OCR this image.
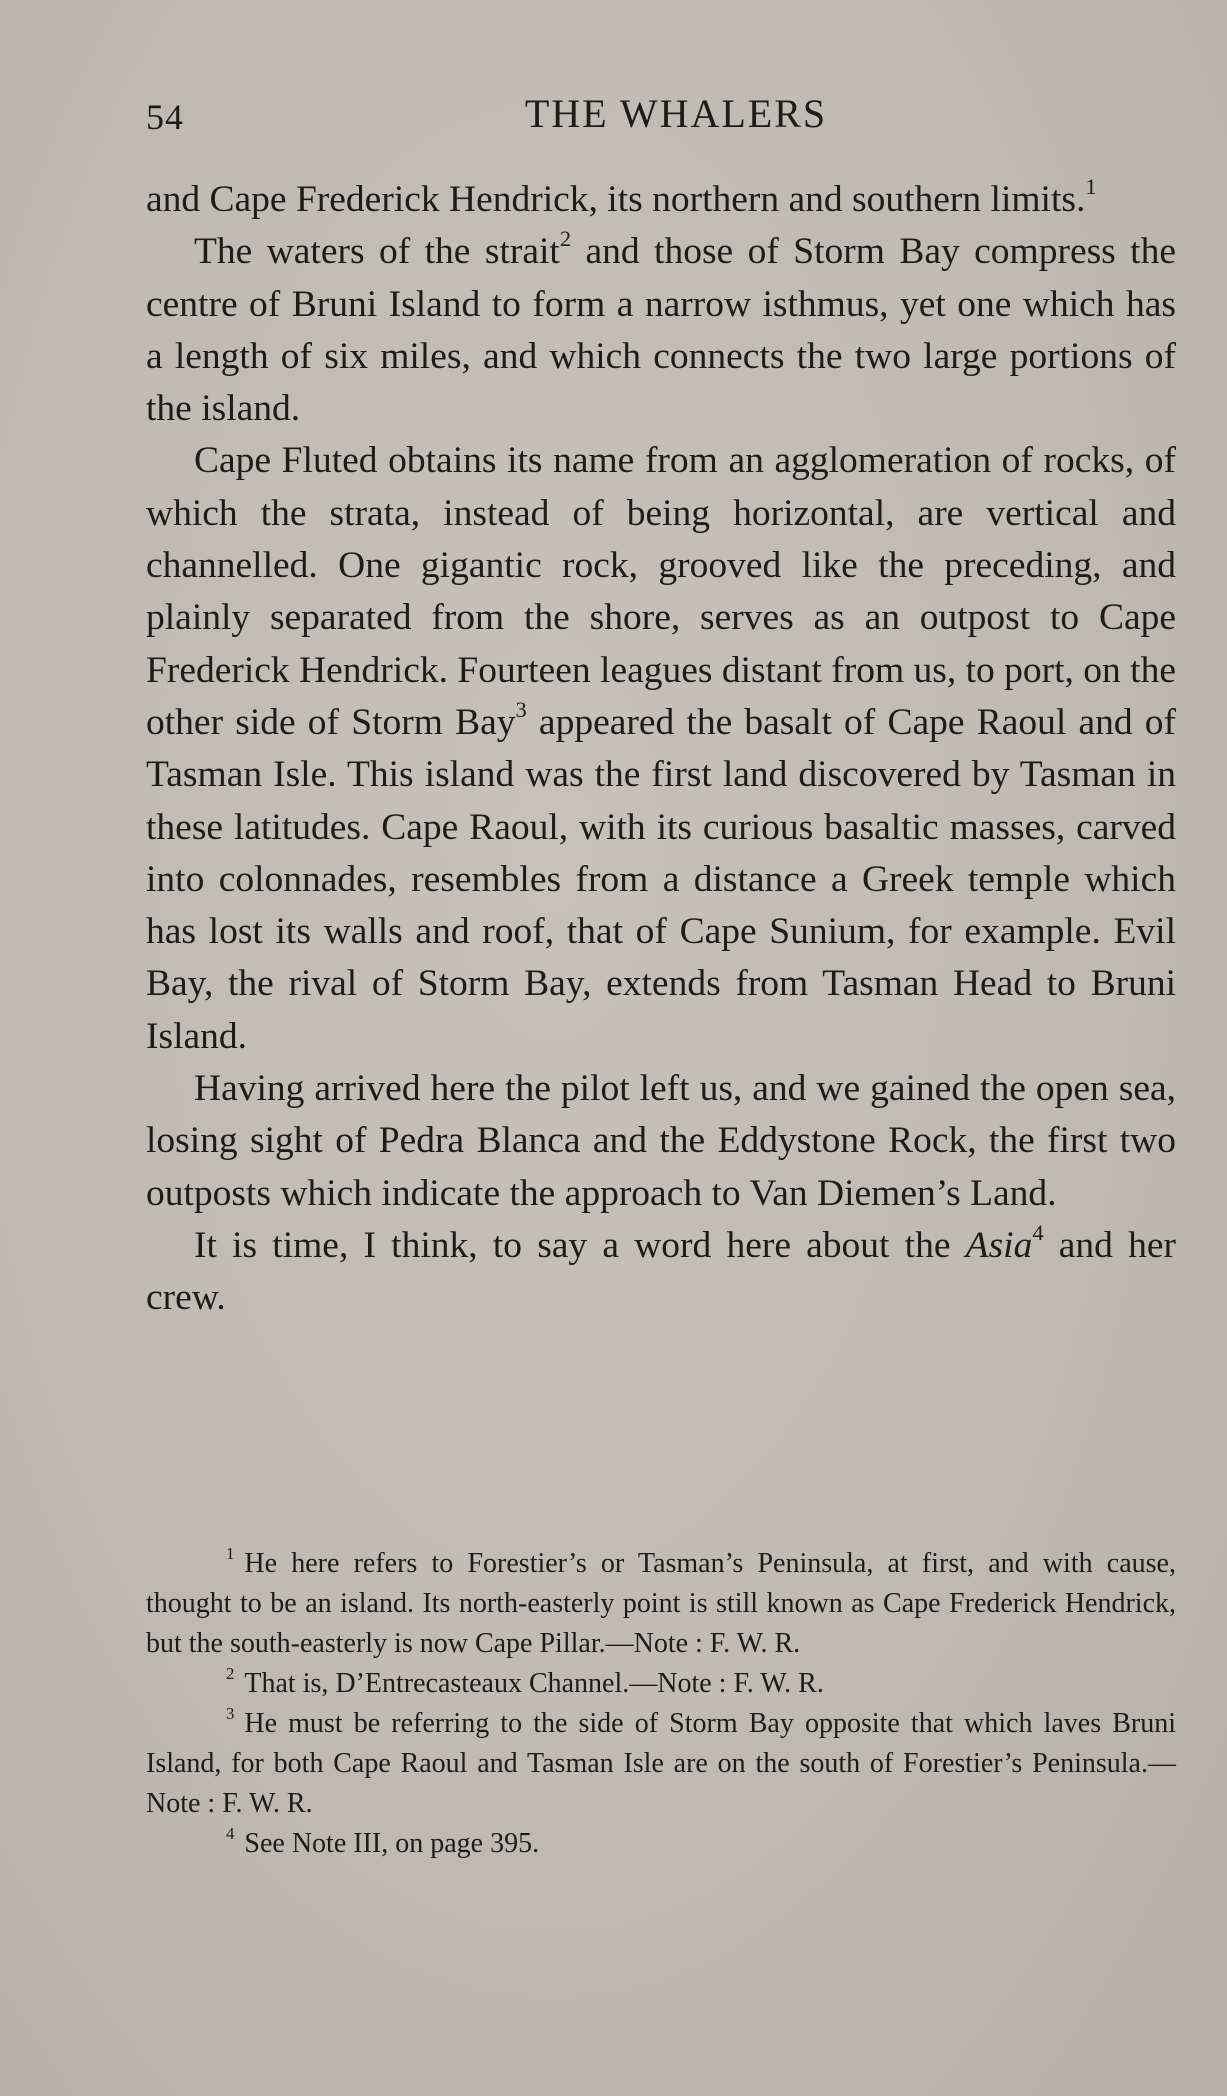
54	THE WHALERS

and Cape Frederick Hendrick, its northern and southern limits.$^1$

The waters of the strait$^2$ and those of Storm Bay compress the centre of Bruni Island to form a narrow isthmus, yet one which has a length of six miles, and which connects the two large portions of the island.

Cape Fluted obtains its name from an agglomeration of rocks, of which the strata, instead of being horizontal, are vertical and channelled. One gigantic rock, grooved like the preceding, and plainly separated from the shore, serves as an outpost to Cape Frederick Hendrick. Fourteen leagues distant from us, to port, on the other side of Storm Bay$^3$ appeared the basalt of Cape Raoul and of Tasman Isle. This island was the first land discovered by Tasman in these latitudes. Cape Raoul, with its curious basaltic masses, carved into colonnades, resembles from a distance a Greek temple which has lost its walls and roof, that of Cape Sunium, for example. Evil Bay, the rival of Storm Bay, extends from Tasman Head to Bruni Island.

Having arrived here the pilot left us, and we gained the open sea, losing sight of Pedra Blanca and the Eddystone Rock, the first two outposts which indicate the approach to Van Diemen’s Land.

It is time, I think, to say a word here about the Asia$^4$ and her crew.

$^1$ He here refers to Forestier’s or Tasman’s Peninsula, at first, and with cause, thought to be an island. Its north-easterly point is still known as Cape Frederick Hendrick, but the south-easterly is now Cape Pillar.—Note : F. W. R.

$^2$ That is, D’Entrecasteaux Channel.—Note : F. W. R.

$^3$ He must be referring to the side of Storm Bay opposite that which laves Bruni Island, for both Cape Raoul and Tasman Isle are on the south of Forestier’s Peninsula.—Note : F. W. R.

$^4$ See Note III, on page 395.
